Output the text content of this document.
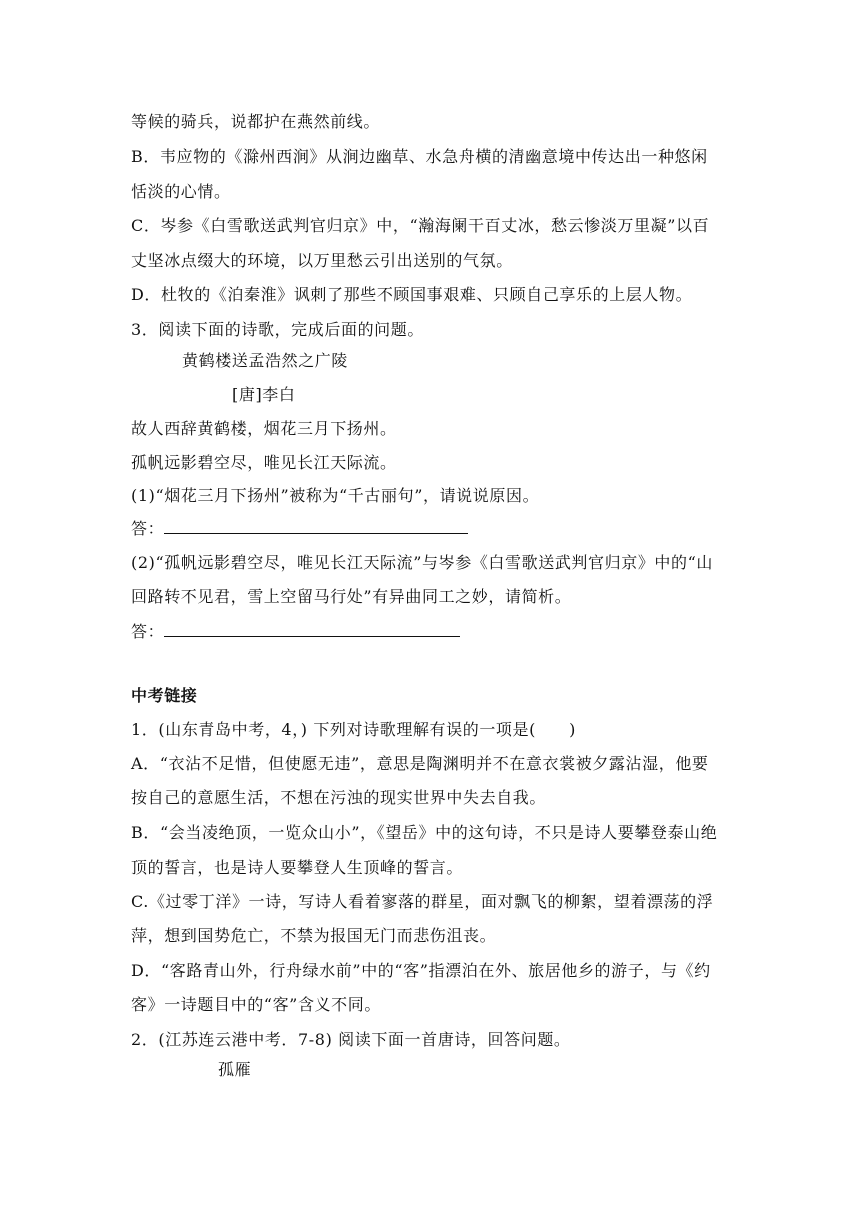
等候的骑兵，说都护在燕然前线。
B．韦应物的《滁州西涧》从涧边幽草、水急舟横的清幽意境中传达出一种悠闲
恬淡的心情。
C．岑参《白雪歌送武判官归京》中，“瀚海阑干百丈冰，愁云惨淡万里凝”以百
丈坚冰点缀大的环境，以万里愁云引出送别的气氛。
D．杜牧的《泊秦淮》讽刺了那些不顾国事艰难、只顾自己享乐的上层人物。
3．阅读下面的诗歌，完成后面的问题。
黄鹤楼送孟浩然之广陵
[唐]李白
故人西辞黄鹤楼，烟花三月下扬州。
孤帆远影碧空尽，唯见长江天际流。
(1)“烟花三月下扬州”被称为“千古丽句”，请说说原因。
答：
(2)“孤帆远影碧空尽，唯见长江天际流”与岑参《白雪歌送武判官归京》中的“山
回路转不见君，雪上空留马行处”有异曲同工之妙，请简析。
答：
中考链接
1．(山东青岛中考，4，) 下列对诗歌理解有误的一项是(　　)
A．“衣沾不足惜，但使愿无违”，意思是陶渊明并不在意衣裳被夕露沾湿，他要
按自己的意愿生活，不想在污浊的现实世界中失去自我。
B．“会当凌绝顶，一览众山小”，《望岳》中的这句诗，不只是诗人要攀登泰山绝
顶的誓言，也是诗人要攀登人生顶峰的誓言。
C.《过零丁洋》一诗，写诗人看着寥落的群星，面对飘飞的柳絮，望着漂荡的浮
萍，想到国势危亡，不禁为报国无门而悲伤沮丧。
D．“客路青山外，行舟绿水前”中的“客”指漂泊在外、旅居他乡的游子，与《约
客》一诗题目中的“客”含义不同。
2．(江苏连云港中考．7-8) 阅读下面一首唐诗，回答问题。
孤雁
